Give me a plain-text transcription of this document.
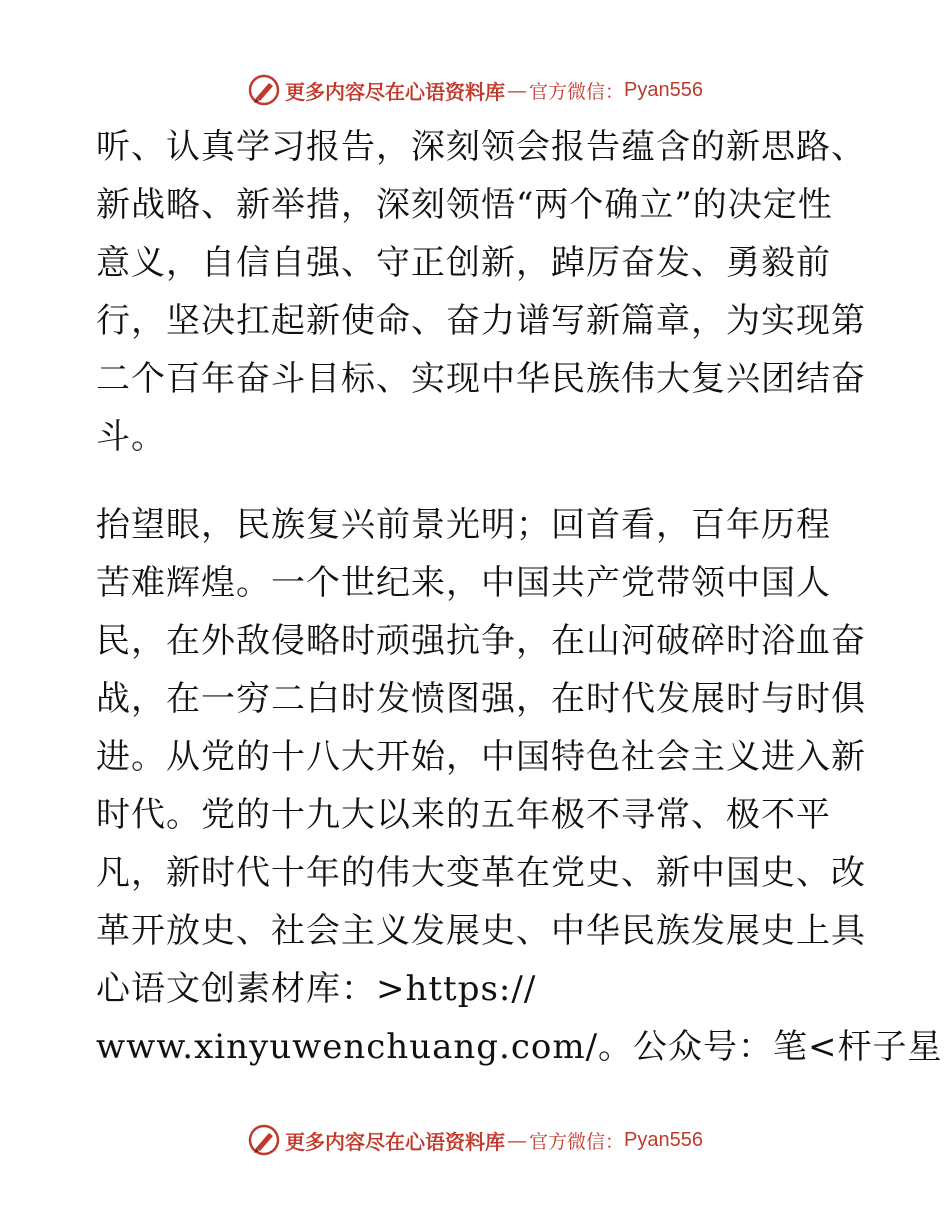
更多内容尽在心语资料库 — 官方微信： Pyan556
听、认真学习报告，深刻领会报告蕴含的新思路、
新战略、新举措，深刻领悟“两个确立”的决定性
意义，自信自强、守正创新，踔厉奋发、勇毅前
行，坚决扛起新使命、奋力谱写新篇章，为实现第
二个百年奋斗目标、实现中华民族伟大复兴团结奋
斗。
抬望眼，民族复兴前景光明；回首看，百年历程
苦难辉煌。一个世纪来，中国共产党带领中国人
民，在外敌侵略时顽强抗争，在山河破碎时浴血奋
战，在一穷二白时发愤图强，在时代发展时与时俱
进。从党的十八大开始，中国特色社会主义进入新
时代。党的十九大以来的五年极不寻常、极不平
凡，新时代十年的伟大变革在党史、新中国史、改
革开放史、社会主义发展史、中华民族发展史上具
心语文创素材库：>https://
www.xinyuwenchuang.com/。公众号：笔<杆子星
更多内容尽在心语资料库 — 官方微信： Pyan556
